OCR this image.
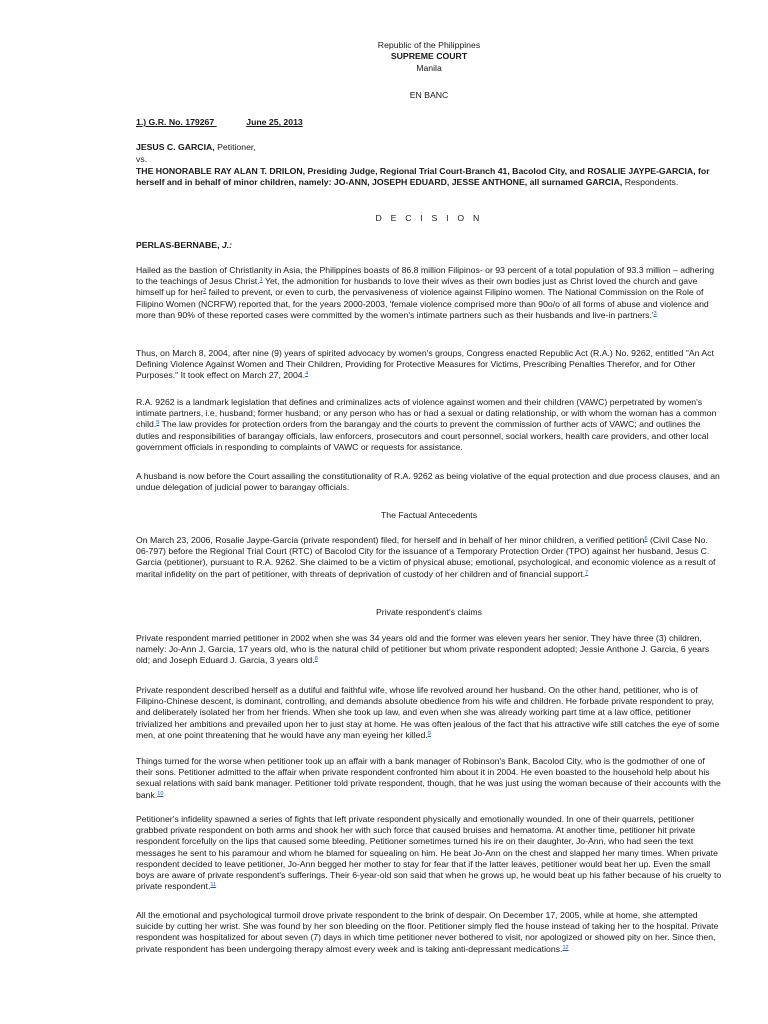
Republic of the Philippines
SUPREME COURT
Manila
EN BANC
1.) G.R. No. 179267	June 25, 2013
JESUS C. GARCIA, Petitioner,
vs.
THE HONORABLE RAY ALAN T. DRILON, Presiding Judge, Regional Trial Court-Branch 41, Bacolod City, and ROSALIE JAYPE-GARCIA, for herself and in behalf of minor children, namely: JO-ANN, JOSEPH EDUARD, JESSE ANTHONE, all surnamed GARCIA, Respondents.
D E C I S I O N
PERLAS-BERNABE, J.:

Hailed as the bastion of Christianity in Asia, the Philippines boasts of 86.8 million Filipinos- or 93 percent of a total population of 93.3 million – adhering to the teachings of Jesus Christ.$^1$ Yet, the admonition for husbands to love their wives as their own bodies just as Christ loved the church and gave himself up for her$^2$ failed to prevent, or even to curb, the pervasiveness of violence against Filipino women. The National Commission on the Role of Filipino Women (NCRFW) reported that, for the years 2000-2003, 'female violence comprised more than 90o/o of all forms of abuse and violence and more than 90% of these reported cases were committed by the women's intimate partners such as their husbands and live-in $partners.'^3$

Thus, on March 8, 2004, after nine (9) years of spirited advocacy by women's groups, Congress enacted Republic Act (R.A.) No. 9262, entitled "An Act Defining Violence Against Women and Their Children, Providing for Protective Measures for Victims, Prescribing Penalties Therefor, and for Other Purposes." It took effect on March 27, 2004.$^4$

R.A. 9262 is a landmark legislation that defines and criminalizes acts of violence against women and their children (VAWC) perpetrated by women's intimate partners, i.e, husband; former husband; or any person who has or had a sexual or dating relationship, or with whom the woman has a common child.$^5$ The law provides for protection orders from the barangay and the courts to prevent the commission of further acts of VAWC; and outlines the duties and responsibilities of barangay officials, law enforcers, prosecutors and court personnel, social workers, health care providers, and other local government officials in responding to complaints of VAWC or requests for assistance.

A husband is now before the Court assailing the constitutionality of R.A. 9262 as being violative of the equal protection and due process clauses, and an undue delegation of judicial power to barangay officials.

The Factual Antecedents

On March 23, 2006, Rosalie Jaype-Garcia (private respondent) filed, for herself and in behalf of her minor children, a verified petition$^6$ (Civil Case No. 06-797) before the Regional Trial Court (RTC) of Bacolod City for the issuance of a Temporary Protection Order (TPO) against her husband, Jesus C. Garcia (petitioner), pursuant to R.A. 9262. She claimed to be a victim of physical abuse; emotional, psychological, and economic violence as a result of marital infidelity on the part of petitioner, with threats of deprivation of custody of her children and of financial support.$^7$

Private respondent's claims

Private respondent married petitioner in 2002 when she was 34 years old and the former was eleven years her senior. They have three (3) children, namely: Jo-Ann J. Garcia, 17 years old, who is the natural child of petitioner but whom private respondent adopted; Jessie Anthone J. Garcia, 6 years old; and Joseph Eduard J. Garcia, 3 years old.$^8$

Private respondent described herself as a dutiful and faithful wife, whose life revolved around her husband. On the other hand, petitioner, who is of Filipino-Chinese descent, is dominant, controlling, and demands absolute obedience from his wife and children. He forbade private respondent to pray, and deliberately isolated her from her friends. When she took up law, and even when she was already working part time at a law office, petitioner trivialized her ambitions and prevailed upon her to just stay at home. He was often jealous of the fact that his attractive wife still catches the eye of some men, at one point threatening that he would have any man eyeing her killed.$^9$

Things turned for the worse when petitioner took up an affair with a bank manager of Robinson's Bank, Bacolod City, who is the godmother of one of their sons. Petitioner admitted to the affair when private respondent confronted him about it in 2004. He even boasted to the household help about his sexual relations with said bank manager. Petitioner told private respondent, though, that he was just using the woman because of their accounts with the bank.$^{10}$

Petitioner's infidelity spawned a series of fights that left private respondent physically and emotionally wounded. In one of their quarrels, petitioner grabbed private respondent on both arms and shook her with such force that caused bruises and hematoma. At another time, petitioner hit private respondent forcefully on the lips that caused some bleeding. Petitioner sometimes turned his ire on their daughter, Jo-Ann, who had seen the text messages he sent to his paramour and whom he blamed for squealing on him. He beat Jo-Ann on the chest and slapped her many times. When private respondent decided to leave petitioner, Jo-Ann begged her mother to stay for fear that if the latter leaves, petitioner would beat her up. Even the small boys are aware of private respondent's sufferings. Their 6-year-old son said that when he grows up, he would beat up his father because of his cruelty to private respondent.$^{11}$

All the emotional and psychological turmoil drove private respondent to the brink of despair. On December 17, 2005, while at home, she attempted suicide by cutting her wrist. She was found by her son bleeding on the floor. Petitioner simply fled the house instead of taking her to the hospital. Private respondent was hospitalized for about seven (7) days in which time petitioner never bothered to visit, nor apologized or showed pity on her. Since then, private respondent has been undergoing therapy almost every week and is taking anti-depressant medications.$^{12}$
